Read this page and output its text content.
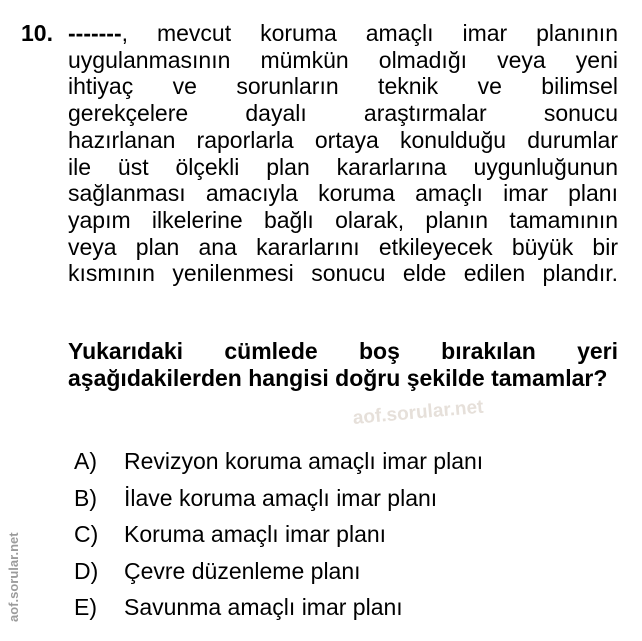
10. -------, mevcut koruma amaçlı imar planının
uygulanmasının mümkün olmadığı veya yeni
ihtiyaç ve sorunların teknik ve bilimsel
gerekçelere dayalı araştırmalar sonucu
hazırlanan raporlarla ortaya konulduğu durumlar
ile üst ölçekli plan kararlarına uygunluğunun
sağlanması amacıyla koruma amaçlı imar planı
yapım ilkelerine bağlı olarak, planın tamamının
veya plan ana kararlarını etkileyecek büyük bir
kısmının yenilenmesi sonucu elde edilen plandır.
Yukarıdaki cümlede boş bırakılan yeri aşağıdakilerden hangisi doğru şekilde tamamlar?
aof.sorular.net
aof.sorular.net
A)	Revizyon koruma amaçlı imar planı
B)	İlave koruma amaçlı imar planı
C)	Koruma amaçlı imar planı
D)	Çevre düzenleme planı
E)	Savunma amaçlı imar planı
